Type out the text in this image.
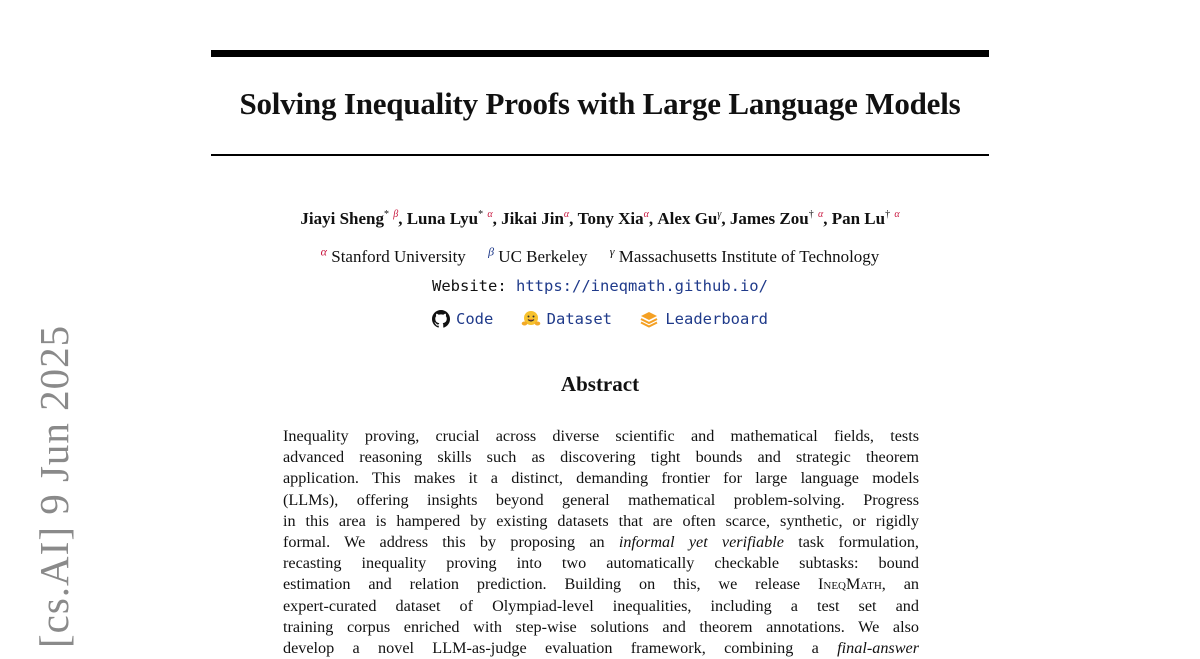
Solving Inequality Proofs with Large Language Models
Jiayi Sheng* $^\beta$, Luna Lyu* $^\alpha$, Jikai Jin$^\alpha$, Tony Xia$^\alpha$, Alex Gu$^\gamma$, James Zou† $^\alpha$, Pan Lu† $^\alpha$
$^\alpha$ Stanford University $^\beta$ UC Berkeley $^\gamma$ Massachusetts Institute of Technology
Website: https://ineqmath.github.io/
Code
	Dataset
	Leaderboard
Abstract
Inequality proving, crucial across diverse scientific and mathematical fields, tests
advanced reasoning skills such as discovering tight bounds and strategic theorem
application. This makes it a distinct, demanding frontier for large language models
(LLMs), offering insights beyond general mathematical problem-solving. Progress
in this area is hampered by existing datasets that are often scarce, synthetic, or rigidly
formal. We address this by proposing an informal yet verifiable task formulation,
recasting inequality proving into two automatically checkable subtasks: bound
estimation and relation prediction. Building on this, we release IneqMath, an
expert-curated dataset of Olympiad-level inequalities, including a test set and
training corpus enriched with step-wise solutions and theorem annotations. We also
develop a novel LLM-as-judge evaluation framework, combining a final-answer
[cs.AI] 9 Jun 2025
